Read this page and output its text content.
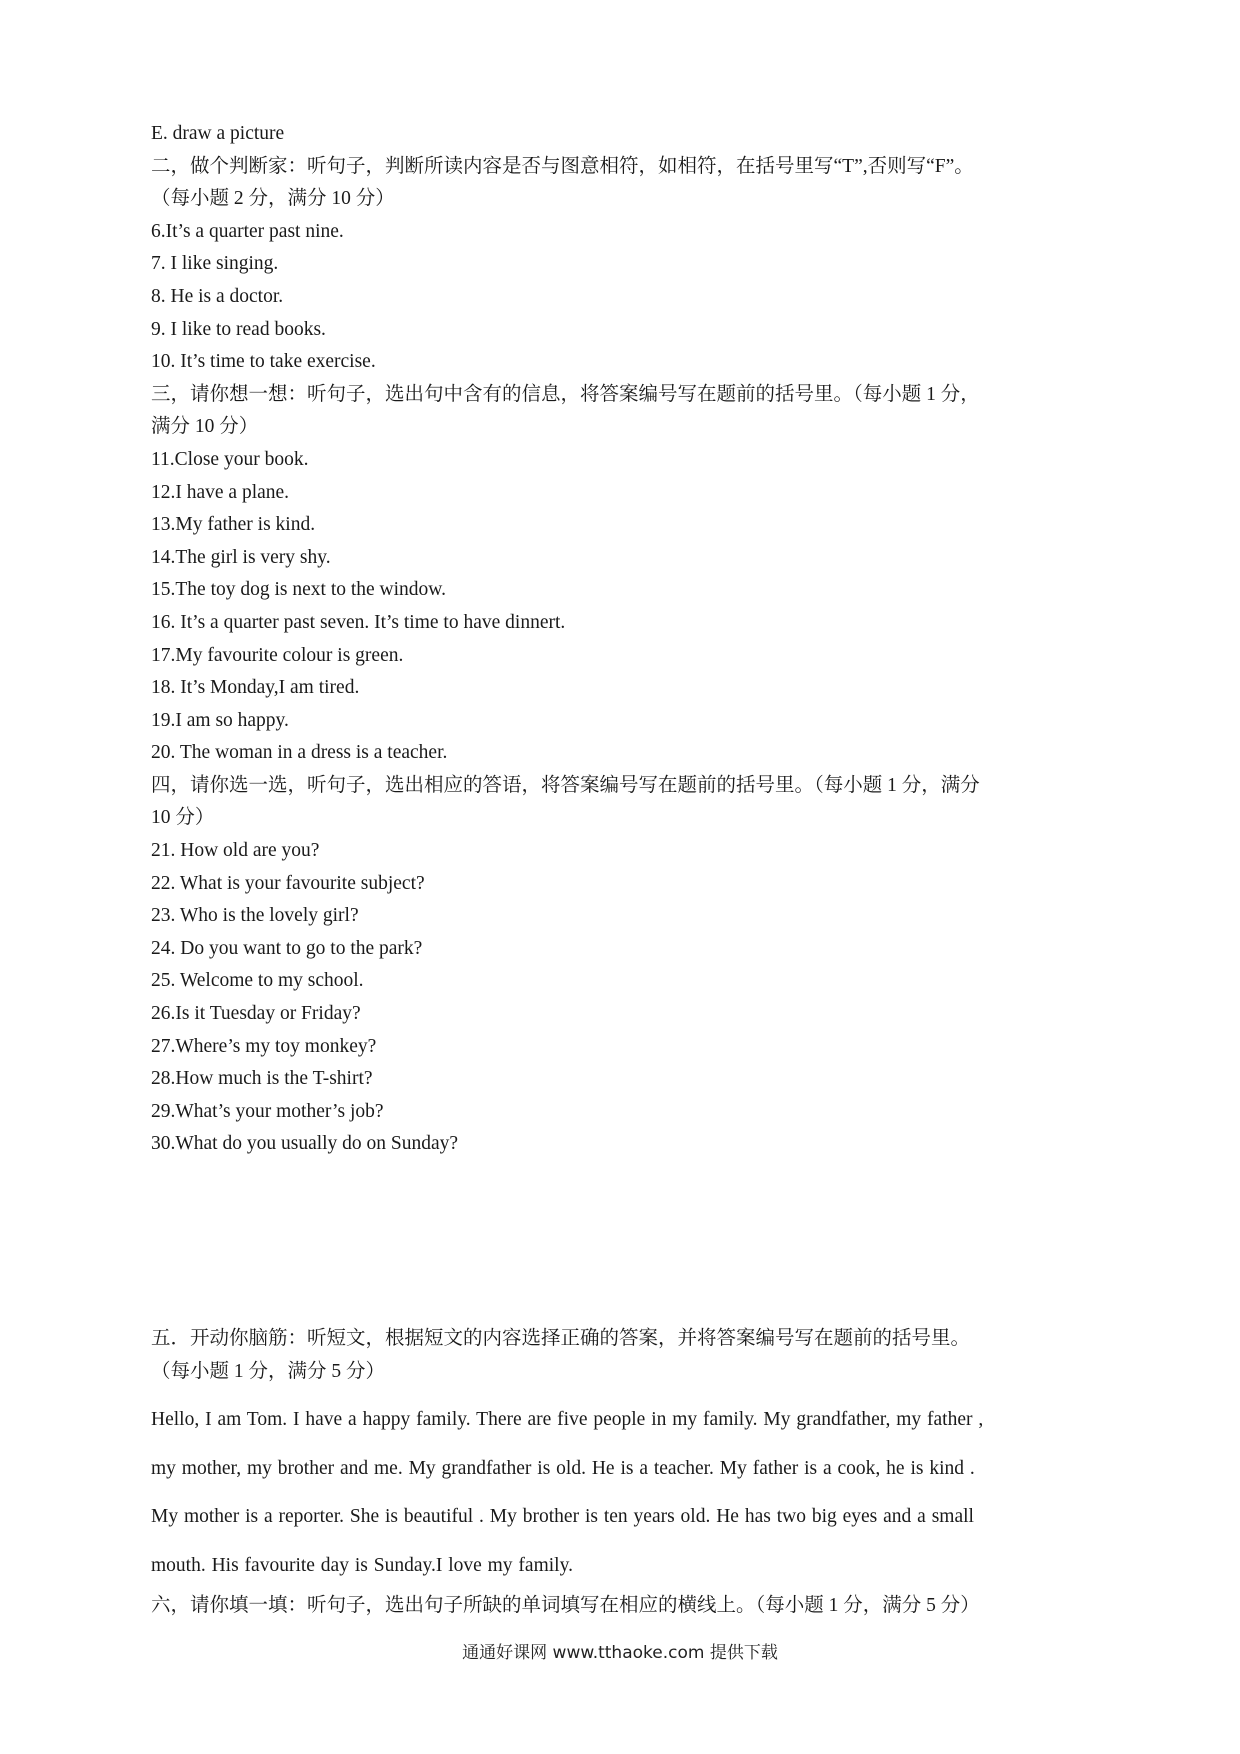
E. draw a picture
二，做个判断家：听句子，判断所读内容是否与图意相符，如相符，在括号里写“T”,否则写“F”。
（每小题 2 分，满分 10 分）
6.It’s a quarter past nine.
7. I like singing.
8. He is a doctor.
9. I like to read books.
10. It’s time to take exercise.
三，请你想一想：听句子，选出句中含有的信息，将答案编号写在题前的括号里。（每小题 1 分，
满分 10 分）
11.Close your book.
12.I have a plane.
13.My father is kind.
14.The girl is very shy.
15.The toy dog is next to the window.
16. It’s a quarter past seven. It’s time to have dinnert.
17.My favourite colour is green.
18. It’s Monday,I am tired.
19.I am so happy.
20. The woman in a dress is a teacher.
四，请你选一选，听句子，选出相应的答语，将答案编号写在题前的括号里。（每小题 1 分，满分
10 分）
21. How old are you?
22. What is your favourite subject?
23. Who is the lovely girl?
24. Do you want to go to the park?
25. Welcome to my school.
26.Is it Tuesday or Friday?
27.Where’s my toy monkey?
28.How much is the T-shirt?
29.What’s your mother’s job?
30.What do you usually do on Sunday?
五．开动你脑筋：听短文，根据短文的内容选择正确的答案，并将答案编号写在题前的括号里。
（每小题 1 分，满分 5 分）
Hello, I am Tom. I have a happy family. There are five people in my family. My grandfather, my father ,
my mother, my brother and me. My grandfather is old. He is a teacher. My father is a cook, he is kind .
My mother is a reporter. She is beautiful . My brother is ten years old. He has two big eyes and a small
mouth. His favourite day is Sunday.I love my family.
六，请你填一填：听句子，选出句子所缺的单词填写在相应的横线上。（每小题 1 分，满分 5 分）
通通好课网 www.tthaoke.com 提供下载
